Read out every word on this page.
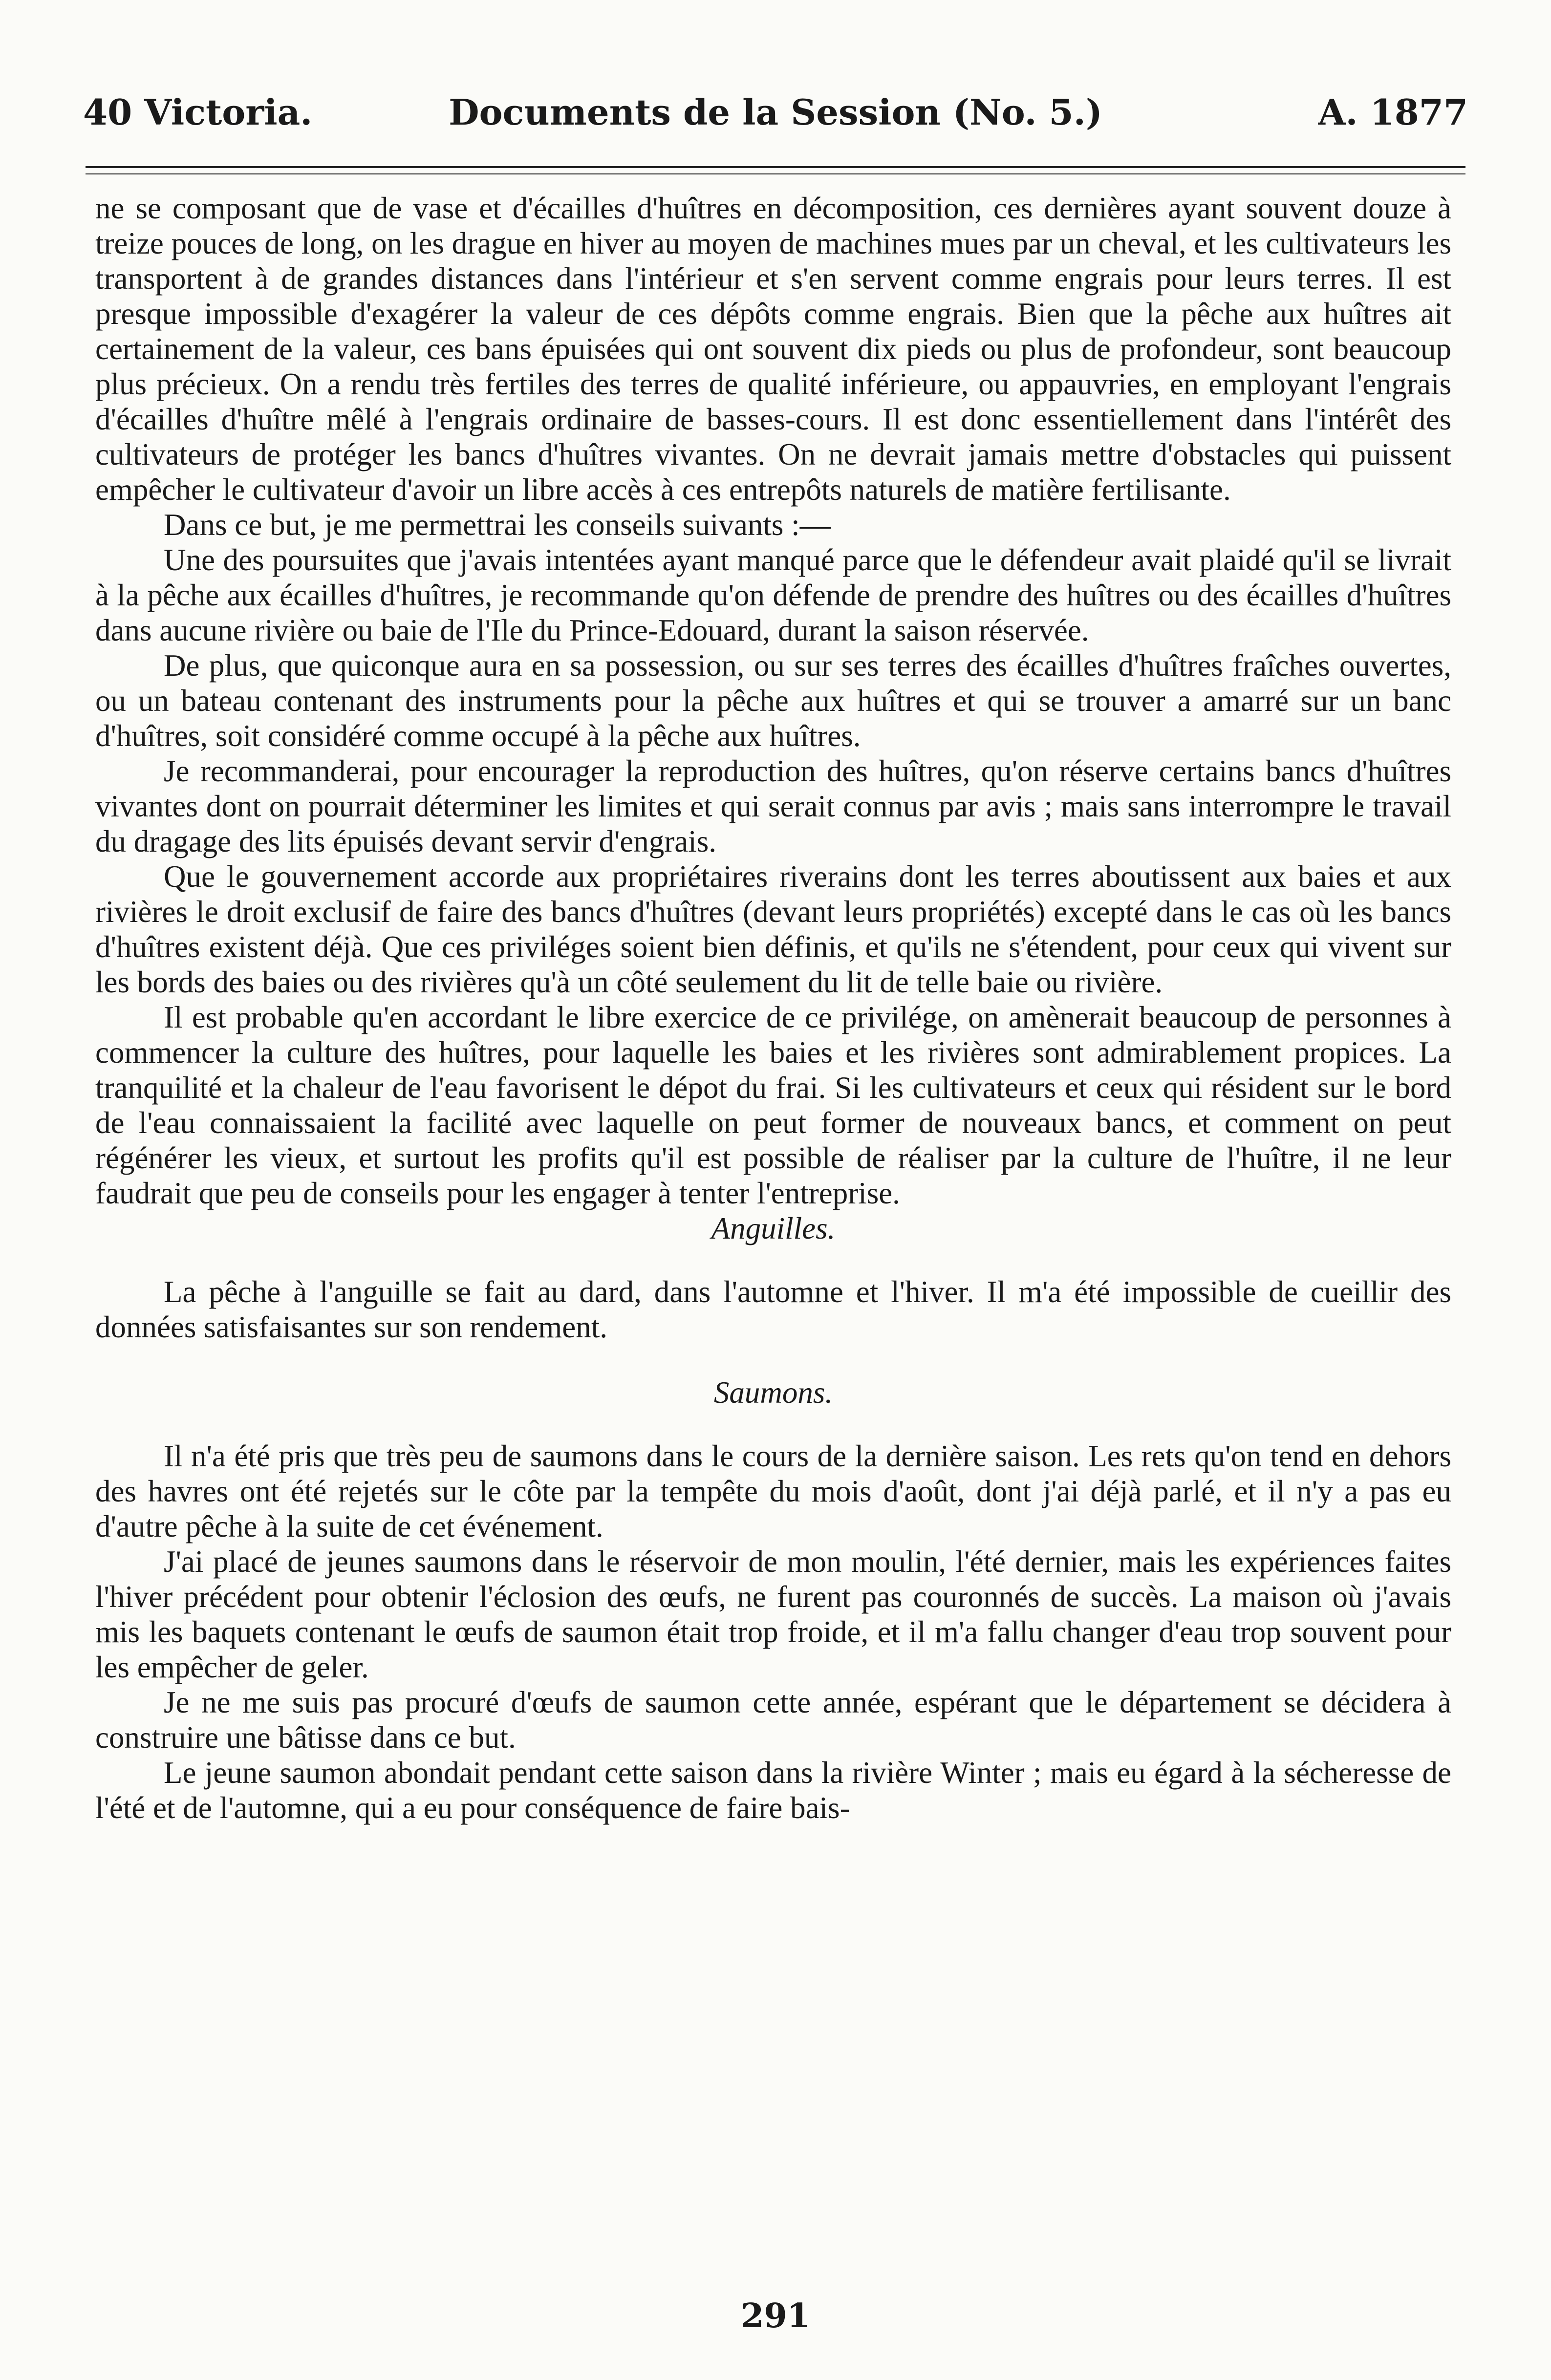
40 Victoria.	Documents de la Session (No. 5.)	A. 1877

ne se composant que de vase et d'écailles d'huîtres en décomposition, ces dernières ayant souvent douze à treize pouces de long, on les drague en hiver au moyen de machines mues par un cheval, et les cultivateurs les transportent à de grandes distances dans l'intérieur et s'en servent comme engrais pour leurs terres. Il est presque impossible d'exagérer la valeur de ces dépôts comme engrais. Bien que la pêche aux huîtres ait certainement de la valeur, ces bans épuisées qui ont souvent dix pieds ou plus de profondeur, sont beaucoup plus précieux. On a rendu très fertiles des terres de qualité inférieure, ou appauvries, en employant l'engrais d'écailles d'huître mêlé à l'engrais ordinaire de basses-cours. Il est donc essentiellement dans l'intérêt des cultivateurs de protéger les bancs d'huîtres vivantes. On ne devrait jamais mettre d'obstacles qui puissent empêcher le cultivateur d'avoir un libre accès à ces entrepôts naturels de matière fertilisante.

Dans ce but, je me permettrai les conseils suivants :—

Une des poursuites que j'avais intentées ayant manqué parce que le défendeur avait plaidé qu'il se livrait à la pêche aux écailles d'huîtres, je recommande qu'on défende de prendre des huîtres ou des écailles d'huîtres dans aucune rivière ou baie de l'Ile du Prince-Edouard, durant la saison réservée.

De plus, que quiconque aura en sa possession, ou sur ses terres des écailles d'huîtres fraîches ouvertes, ou un bateau contenant des instruments pour la pêche aux huîtres et qui se trouver a amarré sur un banc d'huîtres, soit considéré comme occupé à la pêche aux huîtres.

Je recommanderai, pour encourager la reproduction des huîtres, qu'on réserve certains bancs d'huîtres vivantes dont on pourrait déterminer les limites et qui serait connus par avis ; mais sans interrompre le travail du dragage des lits épuisés devant servir d'engrais.

Que le gouvernement accorde aux propriétaires riverains dont les terres aboutissent aux baies et aux rivières le droit exclusif de faire des bancs d'huîtres (devant leurs propriétés) excepté dans le cas où les bancs d'huîtres existent déjà. Que ces priviléges soient bien définis, et qu'ils ne s'étendent, pour ceux qui vivent sur les bords des baies ou des rivières qu'à un côté seulement du lit de telle baie ou rivière.

Il est probable qu'en accordant le libre exercice de ce privilége, on amènerait beaucoup de personnes à commencer la culture des huîtres, pour laquelle les baies et les rivières sont admirablement propices. La tranquilité et la chaleur de l'eau favorisent le dépot du frai. Si les cultivateurs et ceux qui résident sur le bord de l'eau connaissaient la facilité avec laquelle on peut former de nouveaux bancs, et comment on peut régénérer les vieux, et surtout les profits qu'il est possible de réaliser par la culture de l'huître, il ne leur faudrait que peu de conseils pour les engager à tenter l'entreprise.

Anguilles.

La pêche à l'anguille se fait au dard, dans l'automne et l'hiver. Il m'a été impossible de cueillir des données satisfaisantes sur son rendement.

Saumons.

Il n'a été pris que très peu de saumons dans le cours de la dernière saison. Les rets qu'on tend en dehors des havres ont été rejetés sur le côte par la tempête du mois d'août, dont j'ai déjà parlé, et il n'y a pas eu d'autre pêche à la suite de cet événement.

J'ai placé de jeunes saumons dans le réservoir de mon moulin, l'été dernier, mais les expériences faites l'hiver précédent pour obtenir l'éclosion des œufs, ne furent pas couronnés de succès. La maison où j'avais mis les baquets contenant le œufs de saumon était trop froide, et il m'a fallu changer d'eau trop souvent pour les empêcher de geler.

Je ne me suis pas procuré d'œufs de saumon cette année, espérant que le département se décidera à construire une bâtisse dans ce but.

Le jeune saumon abondait pendant cette saison dans la rivière Winter ; mais eu égard à la sécheresse de l'été et de l'automne, qui a eu pour conséquence de faire bais-

291
